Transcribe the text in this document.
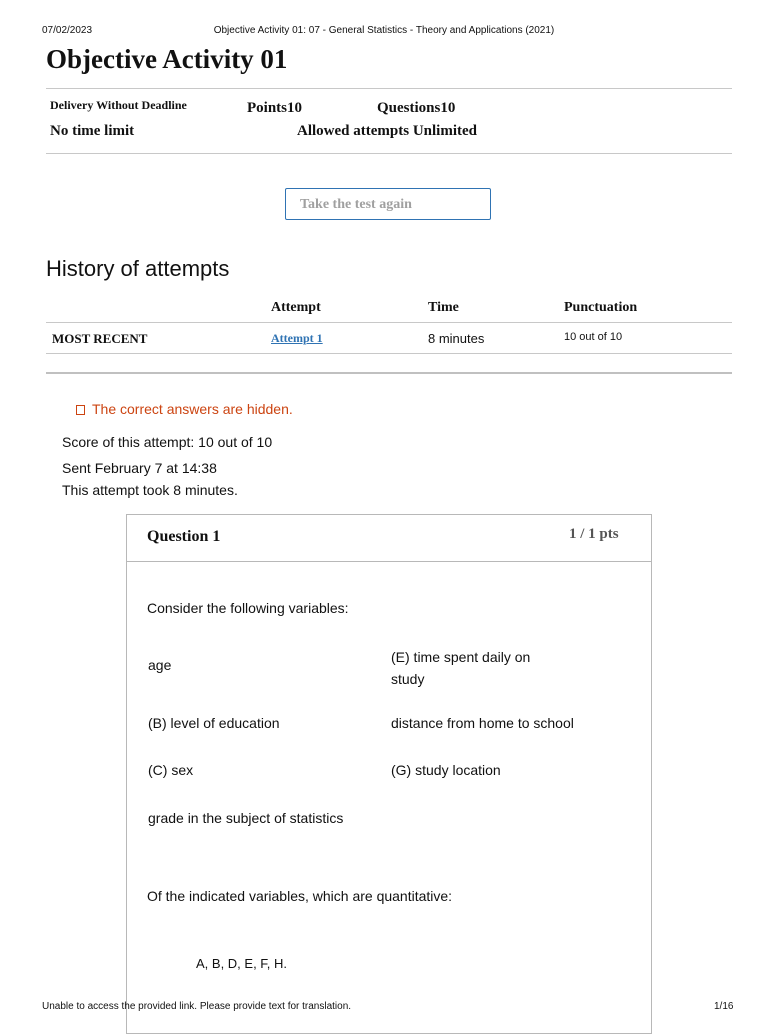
07/02/2023	Objective Activity 01: 07 - General Statistics - Theory and Applications (2021)
Objective Activity 01
Delivery Without Deadline	Points10	Questions10
No time limit	Allowed attempts Unlimited
Take the test again
History of attempts
Attempt	Time	Punctuation
MOST RECENT	Attempt 1	8 minutes	10 out of 10
The correct answers are hidden.
Score of this attempt: 10 out of 10
Sent February 7 at 14:38
This attempt took 8 minutes.
Question 1	1 / 1 pts
Consider the following variables:
age	(E) time spent daily on study
(B) level of education	distance from home to school
(C) sex	(G) study location
grade in the subject of statistics
Of the indicated variables, which are quantitative:
A, B, D, E, F, H.
Unable to access the provided link. Please provide text for translation.	1/16
